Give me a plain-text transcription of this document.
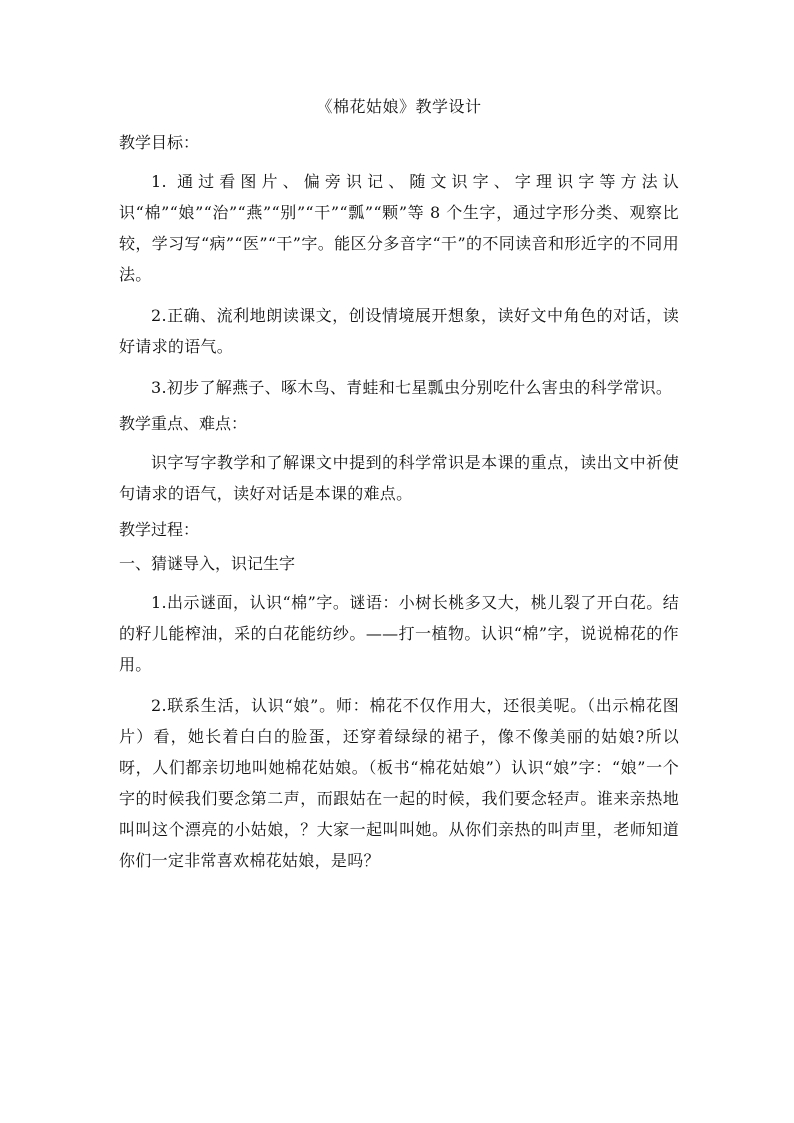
《棉花姑娘》教学设计
教学目标：
1. 通过看图片、偏旁识记、随文识字、字理识字等方法认识“棉”“娘”“治”“燕”“别”“干”“瓢”“颗”等 8 个生字，通过字形分类、观察比较，学习写“病”“医”“干”字。能区分多音字“干”的不同读音和形近字的不同用法。
2.正确、流利地朗读课文，创设情境展开想象，读好文中角色的对话，读好请求的语气。
3.初步了解燕子、啄木鸟、青蛙和七星瓢虫分别吃什么害虫的科学常识。
教学重点、难点：
识字写字教学和了解课文中提到的科学常识是本课的重点，读出文中祈使句请求的语气，读好对话是本课的难点。
教学过程：
一、猜谜导入，识记生字
1.出示谜面，认识“棉”字。谜语：小树长桃多又大，桃儿裂了开白花。结的籽儿能榨油，采的白花能纺纱。——打一植物。认识“棉”字，说说棉花的作用。
2.联系生活，认识“娘”。师：棉花不仅作用大，还很美呢。（出示棉花图片）看，她长着白白的脸蛋，还穿着绿绿的裙子，像不像美丽的姑娘?所以呀，人们都亲切地叫她棉花姑娘。（板书“棉花姑娘”）认识“娘”字：“娘”一个字的时候我们要念第二声，而跟姑在一起的时候，我们要念轻声。谁来亲热地叫叫这个漂亮的小姑娘，？大家一起叫叫她。从你们亲热的叫声里，老师知道你们一定非常喜欢棉花姑娘，是吗？
